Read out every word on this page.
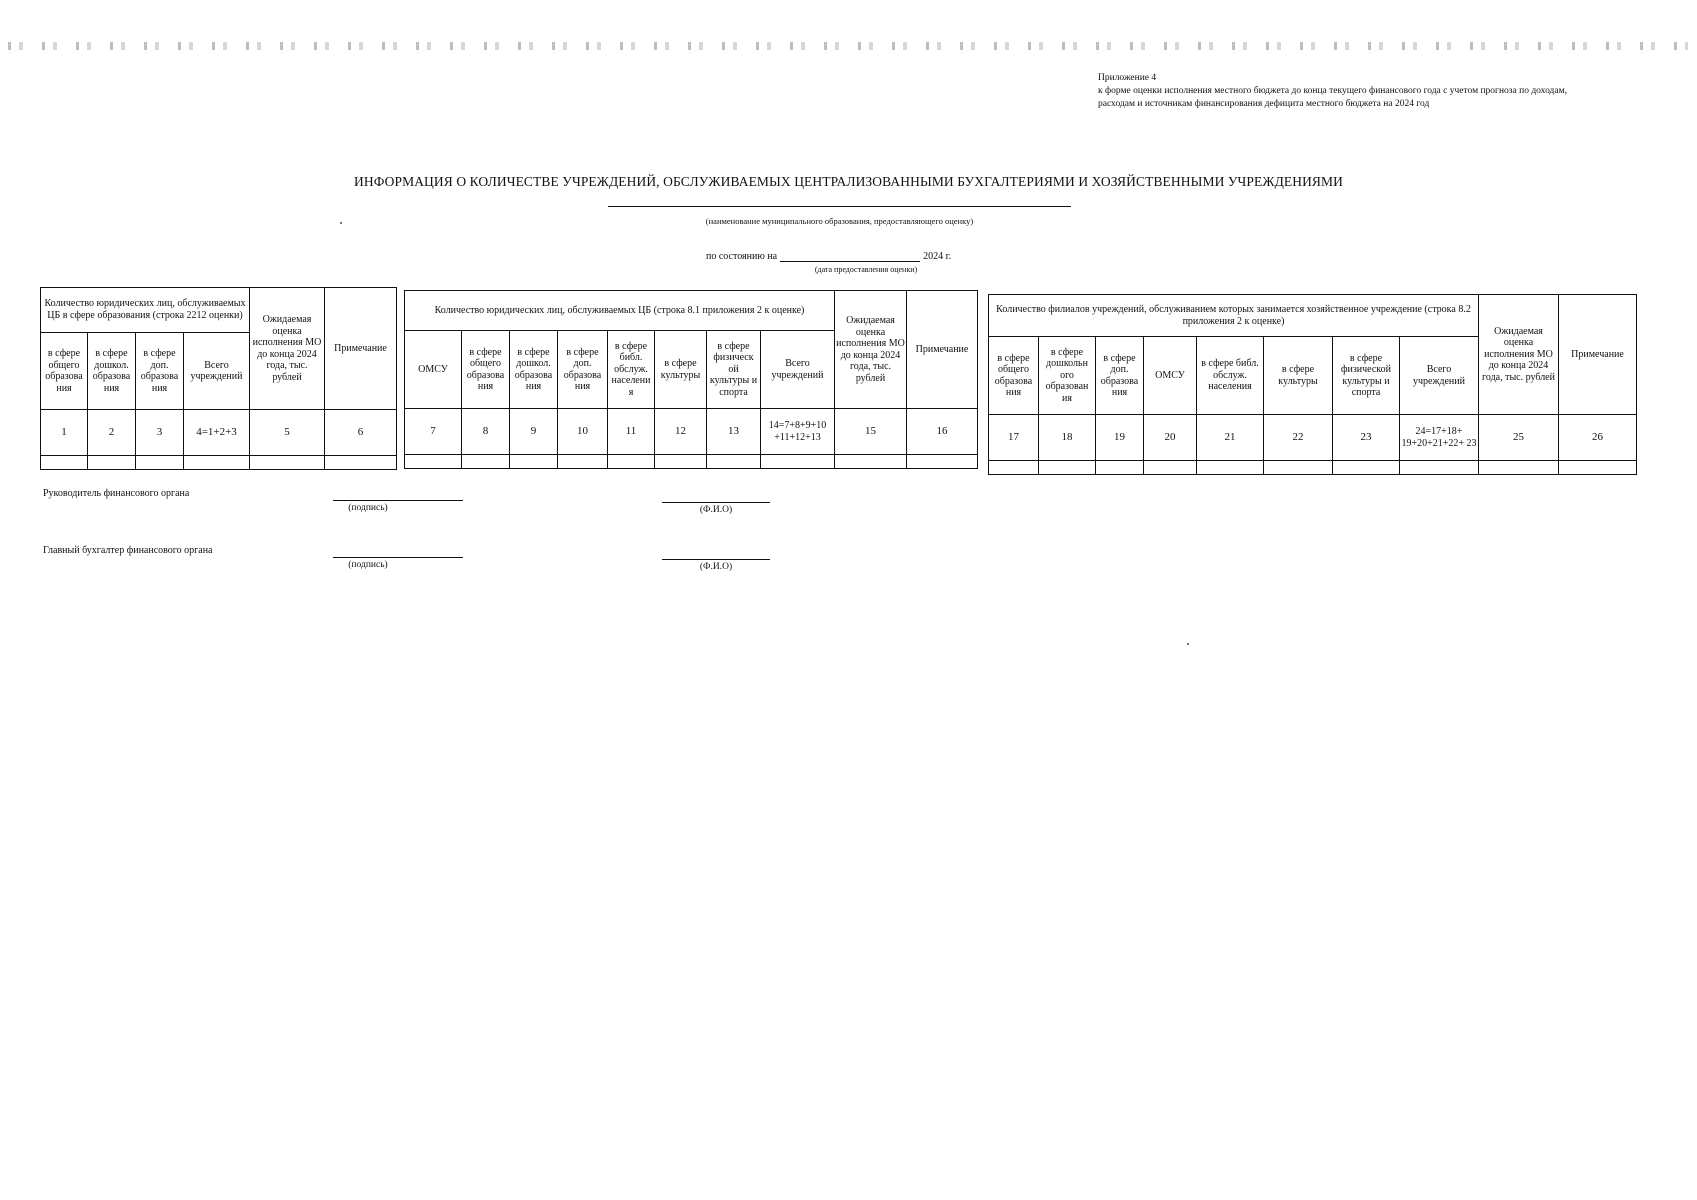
Приложение 4
к форме оценки исполнения местного бюджета до конца текущего финансового года с учетом прогноза по доходам,
расходам и источникам финансирования дефицита местного бюджета на 2024 год
ИНФОРМАЦИЯ О КОЛИЧЕСТВЕ УЧРЕЖДЕНИЙ, ОБСЛУЖИВАЕМЫХ ЦЕНТРАЛИЗОВАННЫМИ БУХГАЛТЕРИЯМИ И ХОЗЯЙСТВЕННЫМИ УЧРЕЖДЕНИЯМИ
(наименование муниципального образования, предоставляющего оценку)
по состоянию на	2024 г.
(дата предоставления оценки)
Количество юридических лиц, обслуживаемых ЦБ в сфере образования (строка 2212 оценки)				Ожидаемая оценка исполнения МО до конца 2024 года, тыс. рублей	Примечание
в сфере общего образова ния	в сфере дошкол. образова ния	в сфере доп. образова ния	Всего учреждений		
1	2	3	4=1+2+3	5	6

Количество юридических лиц, обслуживаемых ЦБ (строка 8.1 приложения 2 к оценке)								Ожидаемая оценка исполнения МО до конца 2024 года, тыс. рублей	Примечание
ОМСУ	в сфере общего образова ния	в сфере дошкол. образова ния	в сфере доп. образова ния	в сфере библ. обслуж. населени я	в сфере культуры	в сфере физическ ой культуры и спорта	Всего учреждений		
7	8	9	10	11	12	13	14=7+8+9+10 +11+12+13	15	16

Количество филиалов учреждений, обслуживанием которых занимается хозяйственное учреждение (строка 8.2 приложения 2 к оценке)								Ожидаемая оценка исполнения МО до конца 2024 года, тыс. рублей	Примечание
в сфере общего образова ния	в сфере дошкольн ого образован ия	в сфере доп. образова ния	ОМСУ	в сфере библ. обслуж. населения	в сфере культуры	в сфере физической культуры и спорта	Всего учреждений		
17	18	19	20	21	22	23	24=17+18+ 19+20+21+22+ 23	25	26

Руководитель финансового органа
(подпись)	(Ф.И.О)
Главный бухгалтер финансового органа
(подпись)	(Ф.И.О)
